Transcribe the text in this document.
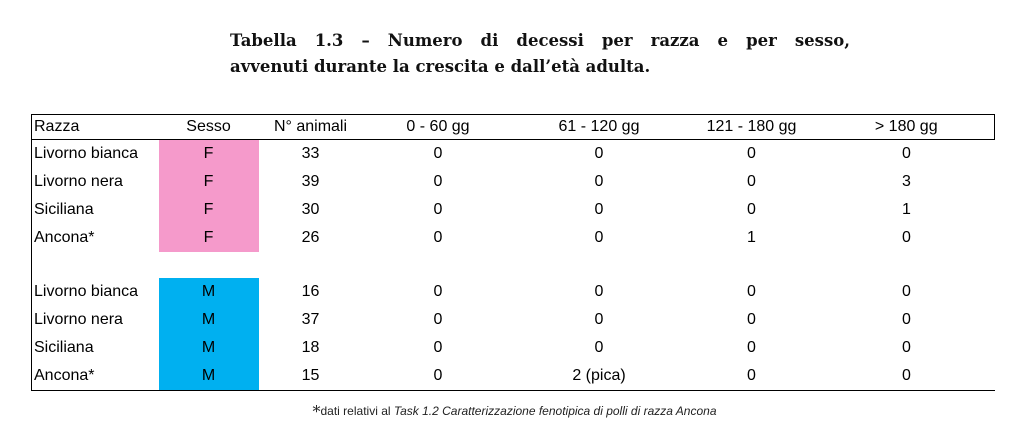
Tabella 1.3 – Numero di decessi per razza e per sesso,
avvenuti durante la crescita e dall’età adulta.
Razza	Sesso	N° animali	0 - 60 gg	61 - 120 gg	121 - 180 gg	> 180 gg
Livorno bianca	F	33	0	0	0	0
Livorno nera	F	39	0	0	0	3
Siciliana	F	30	0	0	0	1
Ancona*	F	26	0	0	1	0

Livorno bianca	M	16	0	0	0	0
Livorno nera	M	37	0	0	0	0
Siciliana	M	18	0	0	0	0
Ancona*	M	15	0	2 (pica)	0	0
*dati relativi al Task 1.2 Caratterizzazione fenotipica di polli di razza Ancona
